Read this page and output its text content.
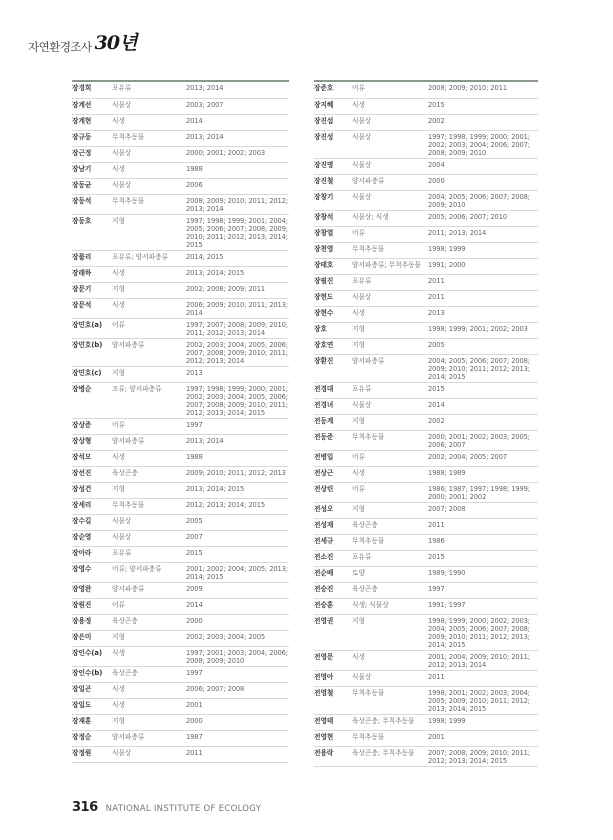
자연환경조사 30년
장경희	포유류	2013; 2014
장계선	식물상	2003; 2007
장계현	식생	2014
장규동	무척추동물	2013; 2014
장근정	식물상	2000; 2001; 2002; 2003
장남기	식생	1988
장동균	식물상	2006
장동석	무척추동물	2008; 2009; 2010; 2011; 2012; 2013; 2014
장동호	지형	1997; 1998; 1999; 2001; 2004; 2005; 2006; 2007; 2008; 2009; 2010; 2011; 2012; 2013; 2014; 2015
장룰리	포유류; 양서파충류	2014; 2015
장래하	식생	2013; 2014; 2015
장문기	지형	2002; 2008; 2009; 2011
장문석	식생	2006; 2009; 2010; 2011; 2013; 2014
장민호(a)	어류	1997; 2007; 2008; 2009; 2010; 2011; 2012; 2013; 2014
장민호(b)	양서파충류	2002; 2003; 2004; 2005; 2006; 2007; 2008; 2009; 2010; 2011; 2012; 2013; 2014
장민호(c)	지형	2013
장병순	조류; 양서파충류	1997; 1998; 1999; 2000; 2001; 2002; 2003; 2004; 2005; 2006; 2007; 2008; 2009; 2010; 2011; 2012; 2013; 2014; 2015
장상준	어류	1997
장상형	양서파충류	2013; 2014
장석모	식생	1988
장선진	육상곤충	2009; 2010; 2011; 2012; 2013
장성건	지형	2013; 2014; 2015
장세리	무척추동물	2012; 2013; 2014; 2015
장수길	식물상	2005
장순영	식물상	2007
장아라	포유류	2015
장영수	어류; 양서파충류	2001; 2002; 2004; 2005; 2013; 2014; 2015
장영완	양서파충류	2009
장원진	어류	2014
장용정	육상곤충	2000
장은미	지형	2002; 2003; 2004; 2005
장인수(a)	식생	1997; 2001; 2003; 2004; 2006; 2008; 2009; 2010
장인수(b)	육상곤충	1997
장일곤	식생	2006; 2007; 2008
장일도	식생	2001
장재훈	지형	2000
장정순	양서파충류	1987
장정원	식물상	2011
장준호	어류	2008; 2009; 2010; 2011
장지혜	식생	2015
장진섭	식물상	2002
장진성	식물상	1997; 1998; 1999; 2000; 2001; 2002; 2003; 2004; 2006; 2007; 2008; 2009; 2010
장진명	식물상	2004
장진철	양서파충류	2000
장창기	식물상	2004; 2005; 2006; 2007; 2008; 2009; 2010
장창석	식물상; 식생	2005; 2006; 2007; 2010
장창열	어류	2011; 2013; 2014
장천영	무척추동물	1998; 1999
장태호	양서파충류; 무척추동물	1991; 2000
장필진	포유류	2011
장현도	식물상	2011
장현수	식생	2013
장호	지형	1998; 1999; 2001; 2002; 2003
장호연	지형	2005
장환진	양서파충류	2004; 2005; 2006; 2007; 2008; 2009; 2010; 2011; 2012; 2013; 2014; 2015
전경대	포유류	2015
전경녀	식물상	2014
전동계	지형	2002
전동준	무척추동물	2000; 2001; 2002; 2003; 2005; 2006; 2007
전병일	어류	2002; 2004; 2005; 2007
전상근	식생	1988; 1989
전상린	어류	1986; 1987; 1997; 1998; 1999; 2000; 2001; 2002
전성오	지형	2007; 2008
전성재	육상곤충	2011
전세규	무척추동물	1986
전소진	포유류	2015
전순배	토양	1989; 1990
전승진	육상곤충	1997
전승훈	식생; 식물상	1991; 1997
전영권	지형	1998; 1999; 2000; 2002; 2003; 2004; 2005; 2006; 2007; 2008; 2009; 2010; 2011; 2012; 2013; 2014; 2015
전영문	식생	2001; 2004; 2009; 2010; 2011; 2012; 2013; 2014
전영아	식물상	2011
전영철	무척추동물	1998; 2001; 2002; 2003; 2004; 2005; 2009; 2010; 2011; 2012; 2013; 2014; 2015
전영태	육상곤충; 무척추동물	1998; 1999
전영현	무척추동물	2001
전용락	육상곤충; 무척추동물	2007; 2008; 2009; 2010; 2011; 2012; 2013; 2014; 2015
316 NATIONAL INSTITUTE OF ECOLOGY
